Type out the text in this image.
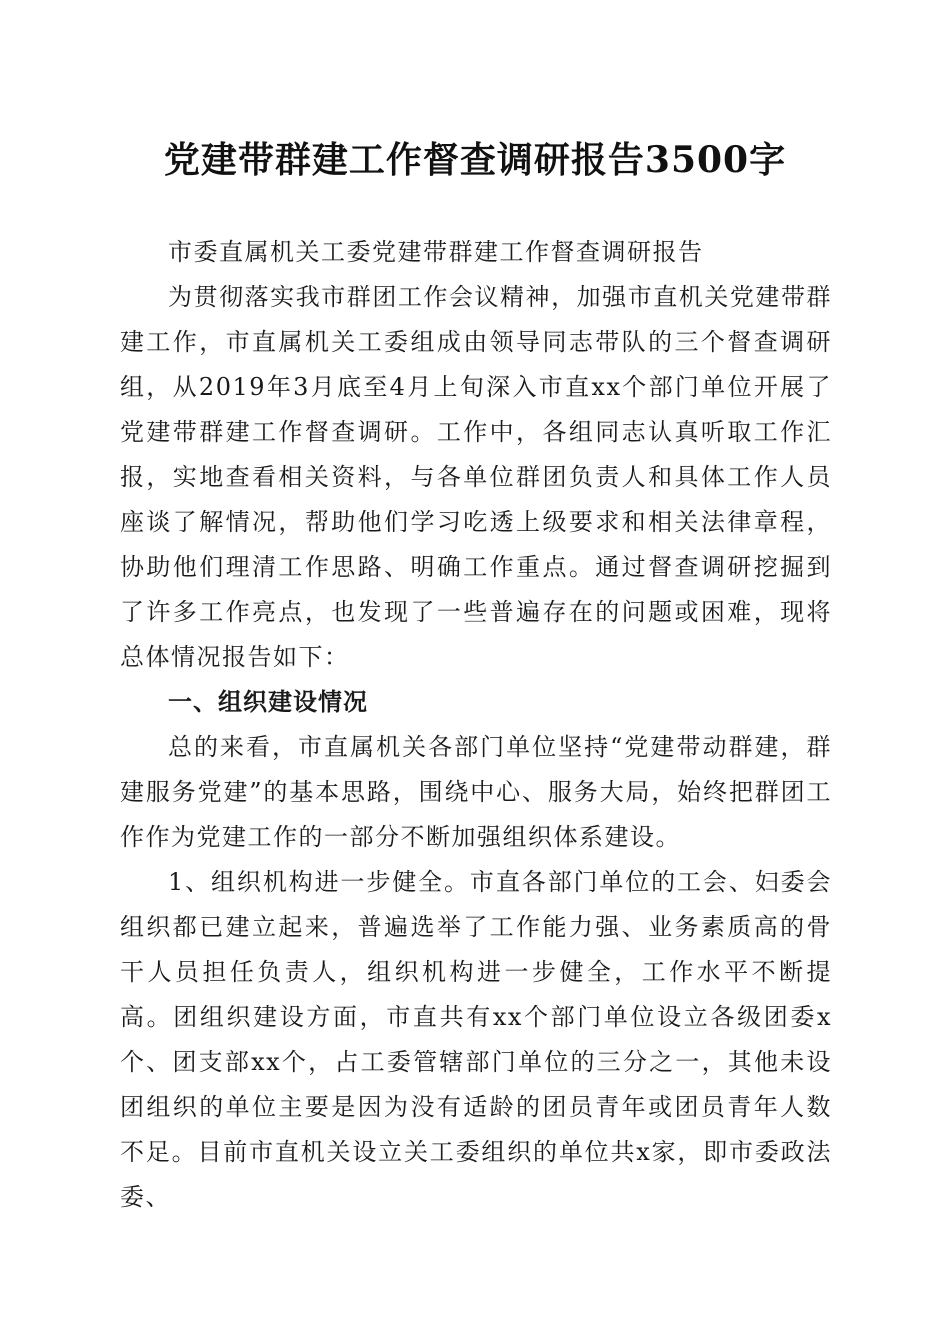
党建带群建工作督查调研报告3500字

市委直属机关工委党建带群建工作督查调研报告

为贯彻落实我市群团工作会议精神，加强市直机关党建带群建工作，市直属机关工委组成由领导同志带队的三个督查调研组，从2019年3月底至4月上旬深入市直xx个部门单位开展了党建带群建工作督查调研。工作中，各组同志认真听取工作汇报，实地查看相关资料，与各单位群团负责人和具体工作人员座谈了解情况，帮助他们学习吃透上级要求和相关法律章程，协助他们理清工作思路、明确工作重点。通过督查调研挖掘到了许多工作亮点，也发现了一些普遍存在的问题或困难，现将总体情况报告如下：

一、组织建设情况

总的来看，市直属机关各部门单位坚持“党建带动群建，群建服务党建”的基本思路，围绕中心、服务大局，始终把群团工作作为党建工作的一部分不断加强组织体系建设。

1、组织机构进一步健全。市直各部门单位的工会、妇委会组织都已建立起来，普遍选举了工作能力强、业务素质高的骨干人员担任负责人，组织机构进一步健全，工作水平不断提高。团组织建设方面，市直共有xx个部门单位设立各级团委x个、团支部xx个，占工委管辖部门单位的三分之一，其他未设团组织的单位主要是因为没有适龄的团员青年或团员青年人数不足。目前市直机关设立关工委组织的单位共x家，即市委政法委、
